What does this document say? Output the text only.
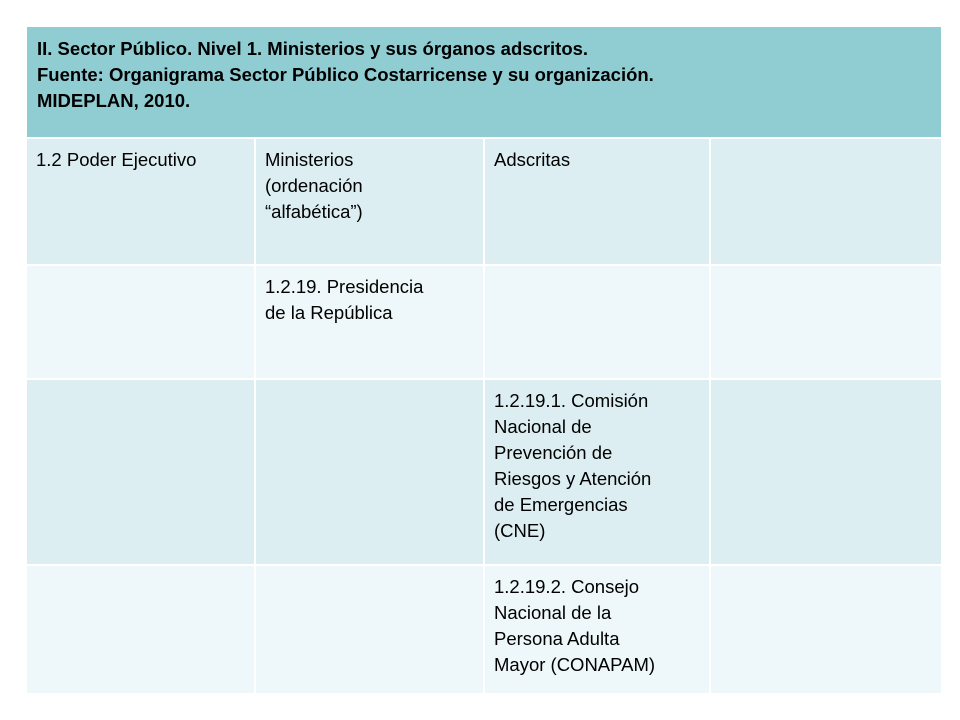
II. Sector Público. Nivel 1. Ministerios y sus órganos adscritos.
Fuente: Organigrama Sector Público Costarricense y su organización.
MIDEPLAN, 2010.
1.2 Poder Ejecutivo	Ministerios
(ordenación
“alfabética”)
Adscritas
1.2.19. Presidencia
de la República
1.2.19.1. Comisión
Nacional de
Prevención de
Riesgos y Atención
de Emergencias
(CNE)
1.2.19.2. Consejo
Nacional de la
Persona Adulta
Mayor (CONAPAM)
